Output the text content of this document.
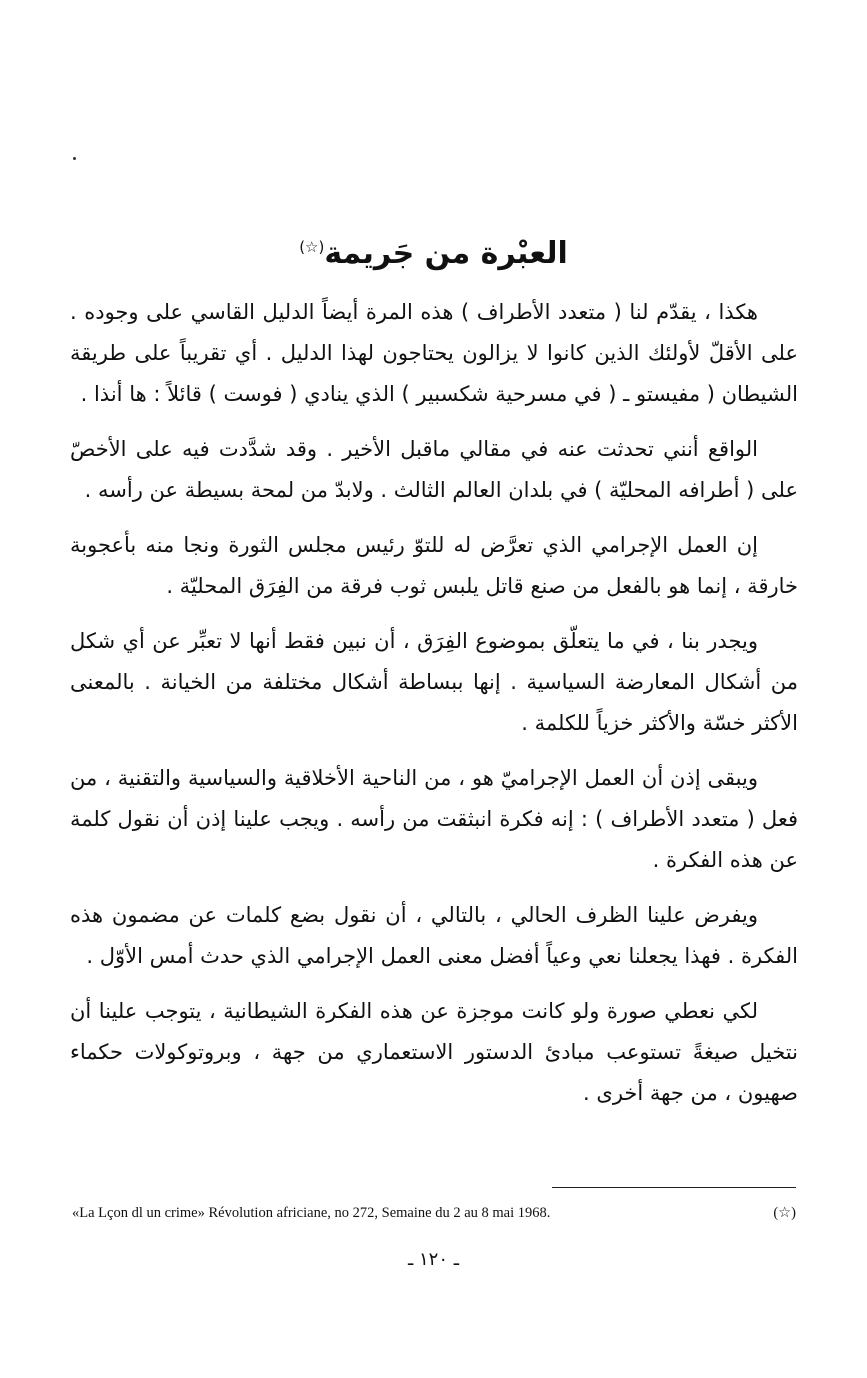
العبْرة من جَريمة(☆)

هكذا ، يقدّم لنا ( متعدد الأطراف ) هذه المرة أيضاً الدليل القاسي على وجوده . على الأقلّ لأولئك الذين كانوا لا يزالون يحتاجون لهذا الدليل . أي تقريباً على طريقة الشيطان ( مفيستو ـ ( في مسرحية شكسبير ) الذي ينادي ( فوست ) قائلاً : ها أنذا .

الواقع أنني تحدثت عنه في مقالي ماقبل الأخير . وقد شدَّدت فيه على الأخصّ على ( أطرافه المحليّة ) في بلدان العالم الثالث . ولابدّ من لمحة بسيطة عن رأسه .

إن العمل الإجرامي الذي تعرَّض له للتوّ رئيس مجلس الثورة ونجا منه بأعجوبة خارقة ، إنما هو بالفعل من صنع قاتل يلبس ثوب فرقة من الفِرَق المحليّة .

ويجدر بنا ، في ما يتعلّق بموضوع الفِرَق ، أن نبين فقط أنها لا تعبِّر عن أي شكل من أشكال المعارضة السياسية . إنها ببساطة أشكال مختلفة من الخيانة . بالمعنى الأكثر خسّة والأكثر خزياً للكلمة .

ويبقى إذن أن العمل الإجراميّ هو ، من الناحية الأخلاقية والسياسية والتقنية ، من فعل ( متعدد الأطراف ) : إنه فكرة انبثقت من رأسه . ويجب علينا إذن أن نقول كلمة عن هذه الفكرة .

ويفرض علينا الظرف الحالي ، بالتالي ، أن نقول بضع كلمات عن مضمون هذه الفكرة . فهذا يجعلنا نعي وعياً أفضل معنى العمل الإجرامي الذي حدث أمس الأوّل .

لكي نعطي صورة ولو كانت موجزة عن هذه الفكرة الشيطانية ، يتوجب علينا أن نتخيل صيغةً تستوعب مبادئ الدستور الاستعماري من جهة ، وبروتوكولات حكماء صهيون ، من جهة أخرى .

«La Lçon dl un crime» Révolution africiane, no 272, Semaine du 2 au 8 mai 1968.	(☆)
ـ ١٢٠ ـ
